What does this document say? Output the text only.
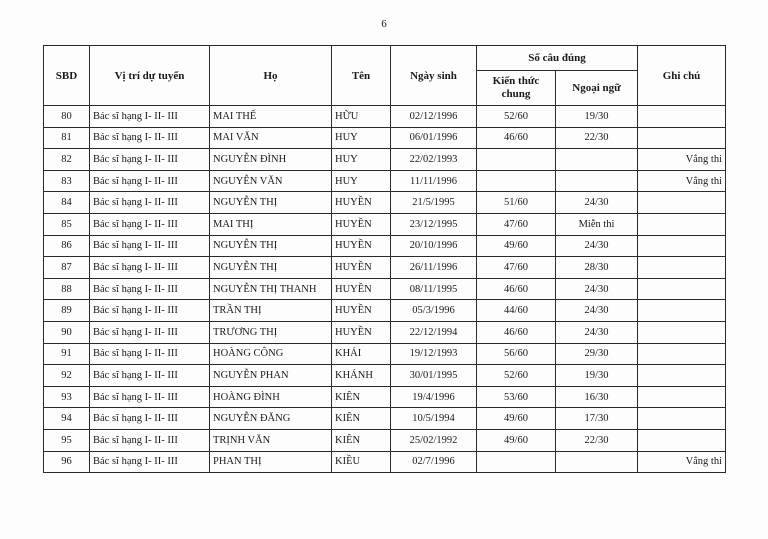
6
SBD	Vị trí dự tuyển	Họ	Tên	Ngày sinh	Số câu đúng		Ghi chú
					Kiến thức chung	Ngoại ngữ	
80	Bác sĩ hạng I- II- III	MAI THẾ	HỮU	02/12/1996	52/60	19/30	
81	Bác sĩ hạng I- II- III	MAI VĂN	HUY	06/01/1996	46/60	22/30	
82	Bác sĩ hạng I- II- III	NGUYỄN ĐÌNH	HUY	22/02/1993			Vắng thi
83	Bác sĩ hạng I- II- III	NGUYỄN VĂN	HUY	11/11/1996			Vắng thi
84	Bác sĩ hạng I- II- III	NGUYỄN THỊ	HUYỀN	21/5/1995	51/60	24/30	
85	Bác sĩ hạng I- II- III	MAI THỊ	HUYỀN	23/12/1995	47/60	Miễn thi	
86	Bác sĩ hạng I- II- III	NGUYỄN THỊ	HUYỀN	20/10/1996	49/60	24/30	
87	Bác sĩ hạng I- II- III	NGUYỄN THỊ	HUYỀN	26/11/1996	47/60	28/30	
88	Bác sĩ hạng I- II- III	NGUYỄN THỊ THANH	HUYỀN	08/11/1995	46/60	24/30	
89	Bác sĩ hạng I- II- III	TRẦN THỊ	HUYỀN	05/3/1996	44/60	24/30	
90	Bác sĩ hạng I- II- III	TRƯƠNG THỊ	HUYỀN	22/12/1994	46/60	24/30	
91	Bác sĩ hạng I- II- III	HOÀNG CÔNG	KHẢI	19/12/1993	56/60	29/30	
92	Bác sĩ hạng I- II- III	NGUYỄN PHAN	KHÁNH	30/01/1995	52/60	19/30	
93	Bác sĩ hạng I- II- III	HOÀNG ĐÌNH	KIÊN	19/4/1996	53/60	16/30	
94	Bác sĩ hạng I- II- III	NGUYỄN ĐĂNG	KIÊN	10/5/1994	49/60	17/30	
95	Bác sĩ hạng I- II- III	TRỊNH VĂN	KIÊN	25/02/1992	49/60	22/30	
96	Bác sĩ hạng I- II- III	PHAN THỊ	KIỀU	02/7/1996			Vắng thi
